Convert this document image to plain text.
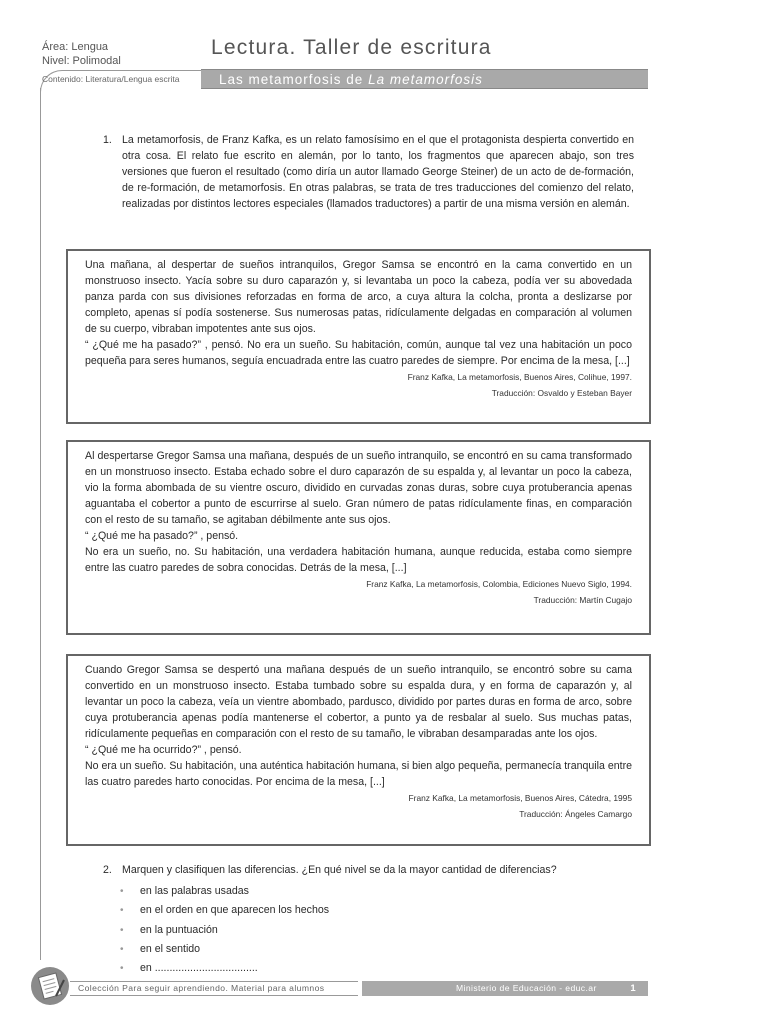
Área: Lengua
Nivel: Polimodal
Contenido: Literatura/Lengua escrita
Lectura. Taller de escritura
Las metamorfosis de La metamorfosis
1. La metamorfosis, de Franz Kafka, es un relato famosísimo en el que el protagonista despierta convertido en otra cosa. El relato fue escrito en alemán, por lo tanto, los fragmentos que aparecen abajo, son tres versiones que fueron el resultado (como diría un autor llamado George Steiner) de un acto de de-formación, de re-formación, de metamorfosis. En otras palabras, se trata de tres traducciones del comienzo del relato, realizadas por distintos lectores especiales (llamados traductores) a partir de una misma versión en alemán.

Una mañana, al despertar de sueños intranquilos, Gregor Samsa se encontró en la cama convertido en un monstruoso insecto. Yacía sobre su duro caparazón y, si levantaba un poco la cabeza, podía ver su abovedada panza parda con sus divisiones reforzadas en forma de arco, a cuya altura la colcha, pronta a deslizarse por completo, apenas sí podía sostenerse. Sus numerosas patas, ridículamente delgadas en comparación al volumen de su cuerpo, vibraban impotentes ante sus ojos.

“ ¿Qué me ha pasado?” , pensó. No era un sueño. Su habitación, común, aunque tal vez una habitación un poco pequeña para seres humanos, seguía encuadrada entre las cuatro paredes de siempre. Por encima de la mesa, [...]

Franz Kafka, La metamorfosis, Buenos Aires, Colihue, 1997.
Traducción: Osvaldo y Esteban Bayer

Al despertarse Gregor Samsa una mañana, después de un sueño intranquilo, se encontró en su cama transformado en un monstruoso insecto. Estaba echado sobre el duro caparazón de su espalda y, al levantar un poco la cabeza, vio la forma abombada de su vientre oscuro, dividido en curvadas zonas duras, sobre cuya protuberancia apenas aguantaba el cobertor a punto de escurrirse al suelo. Gran número de patas ridículamente finas, en comparación con el resto de su tamaño, se agitaban débilmente ante sus ojos.

“ ¿Qué me ha pasado?” , pensó.

No era un sueño, no. Su habitación, una verdadera habitación humana, aunque reducida, estaba como siempre entre las cuatro paredes de sobra conocidas. Detrás de la mesa, [...]

Franz Kafka, La metamorfosis, Colombia, Ediciones Nuevo Siglo, 1994.
Traducción: Martín Cugajo

Cuando Gregor Samsa se despertó una mañana después de un sueño intranquilo, se encontró sobre su cama convertido en un monstruoso insecto. Estaba tumbado sobre su espalda dura, y en forma de caparazón y, al levantar un poco la cabeza, veía un vientre abombado, pardusco, dividido por partes duras en forma de arco, sobre cuya protuberancia apenas podía mantenerse el cobertor, a punto ya de resbalar al suelo. Sus muchas patas, ridículamente pequeñas en comparación con el resto de su tamaño, le vibraban desamparadas ante los ojos.

“ ¿Qué me ha ocurrido?” , pensó.

No era un sueño. Su habitación, una auténtica habitación humana, si bien algo pequeña, permanecía tranquila entre las cuatro paredes harto conocidas. Por encima de la mesa, [...]

Franz Kafka, La metamorfosis, Buenos Aires, Cátedra, 1995
Traducción: Ángeles Camargo
2. Marquen y clasifiquen las diferencias. ¿En qué nivel se da la mayor cantidad de diferencias?

• en las palabras usadas
• en el orden en que aparecen los hechos
• en la puntuación
• en el sentido
• en ...................................
Colección Para seguir aprendiendo. Material para alumnos	Ministerio de Educación - educ.ar	1
